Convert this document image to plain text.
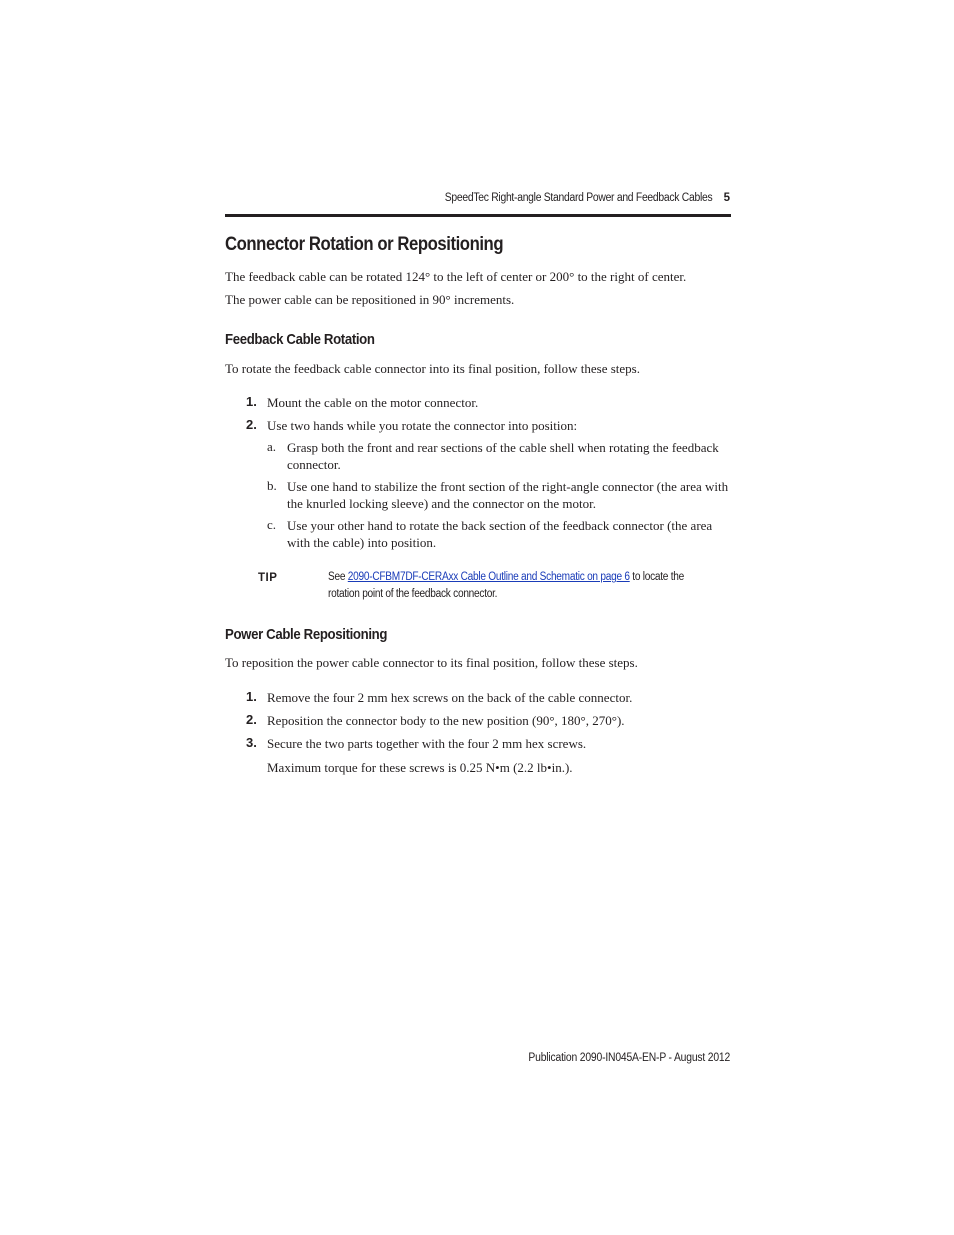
SpeedTec Right-angle Standard Power and Feedback Cables 5
Connector Rotation or Repositioning
The feedback cable can be rotated 124° to the left of center or 200° to the right of center.
The power cable can be repositioned in 90° increments.
Feedback Cable Rotation
To rotate the feedback cable connector into its final position, follow these steps.
1. Mount the cable on the motor connector.
2. Use two hands while you rotate the connector into position:
a. Grasp both the front and rear sections of the cable shell when rotating the feedback connector.
b. Use one hand to stabilize the front section of the right-angle connector (the area with the knurled locking sleeve) and the connector on the motor.
c. Use your other hand to rotate the back section of the feedback connector (the area with the cable) into position.
TIP	See 2090-CFBM7DF-CERAxx Cable Outline and Schematic on page 6 to locate the rotation point of the feedback connector.
Power Cable Repositioning
To reposition the power cable connector to its final position, follow these steps.
1. Remove the four 2 mm hex screws on the back of the cable connector.
2. Reposition the connector body to the new position (90°, 180°, 270°).
3. Secure the two parts together with the four 2 mm hex screws.
Maximum torque for these screws is 0.25 N•m (2.2 lb•in.).
Publication 2090-IN045A-EN-P - August 2012
